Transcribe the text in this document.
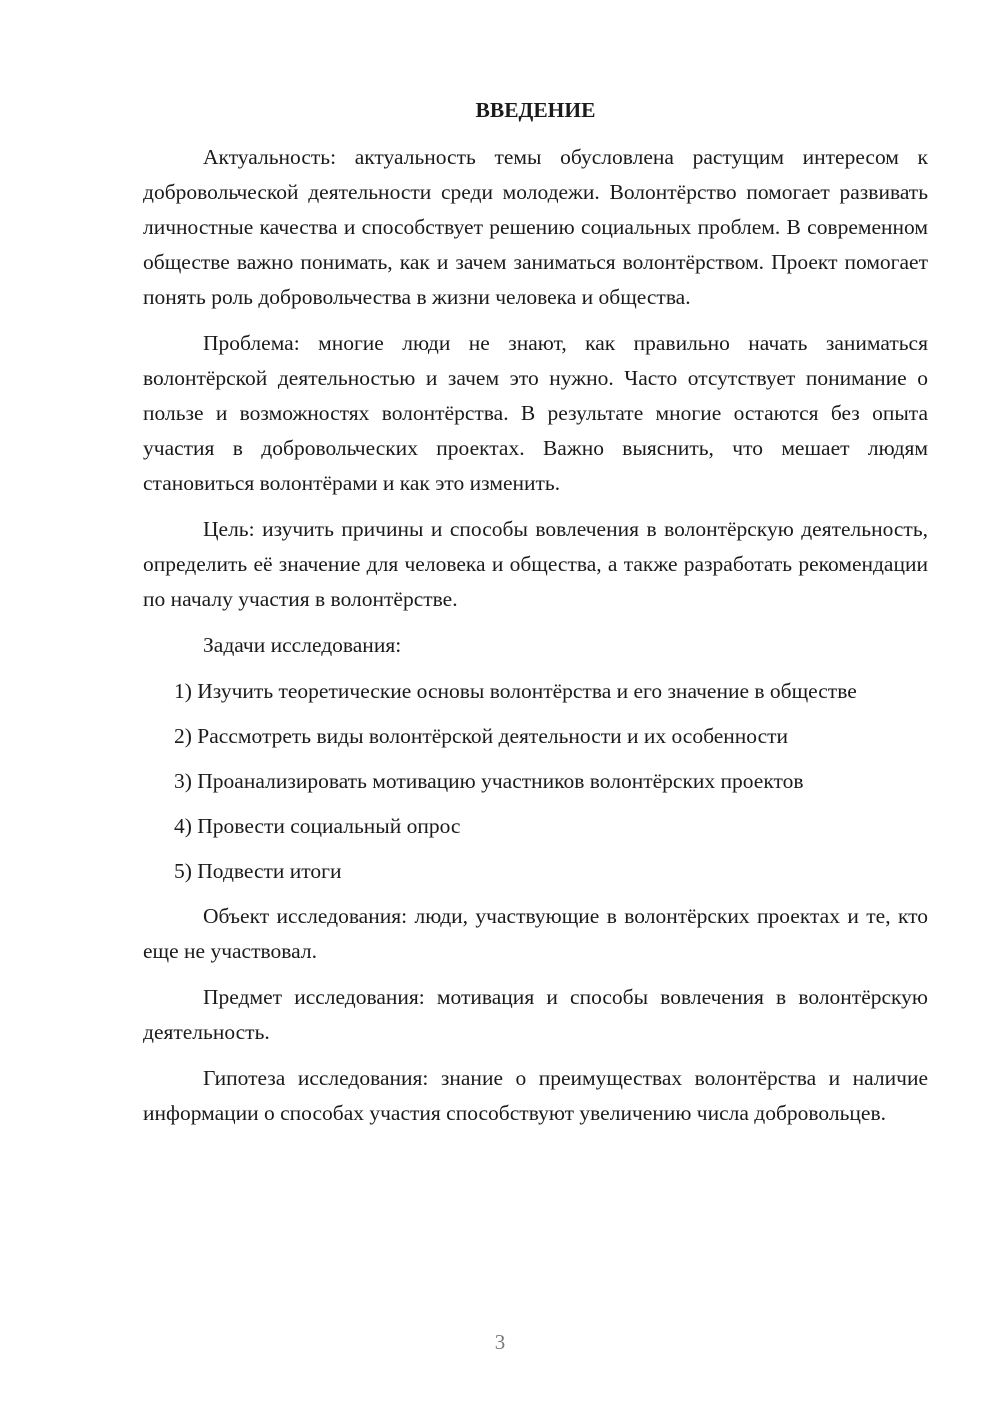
ВВЕДЕНИЕ

Актуальность: актуальность темы обусловлена растущим интересом к добровольческой деятельности среди молодежи. Волонтёрство помогает развивать личностные качества и способствует решению социальных проблем. В современном обществе важно понимать, как и зачем заниматься волонтёрством. Проект помогает понять роль добровольчества в жизни человека и общества.

Проблема: многие люди не знают, как правильно начать заниматься волонтёрской деятельностью и зачем это нужно. Часто отсутствует понимание о пользе и возможностях волонтёрства. В результате многие остаются без опыта участия в добровольческих проектах. Важно выяснить, что мешает людям становиться волонтёрами и как это изменить.

Цель: изучить причины и способы вовлечения в волонтёрскую деятельность, определить её значение для человека и общества, а также разработать рекомендации по началу участия в волонтёрстве.

Задачи исследования:

1) Изучить теоретические основы волонтёрства и его значение в обществе

2) Рассмотреть виды волонтёрской деятельности и их особенности

3) Проанализировать мотивацию участников волонтёрских проектов

4) Провести социальный опрос

5) Подвести итоги

Объект исследования: люди, участвующие в волонтёрских проектах и те, кто еще не участвовал.

Предмет исследования: мотивация и способы вовлечения в волонтёрскую деятельность.

Гипотеза исследования: знание о преимуществах волонтёрства и наличие информации о способах участия способствуют увеличению числа добровольцев.

3
